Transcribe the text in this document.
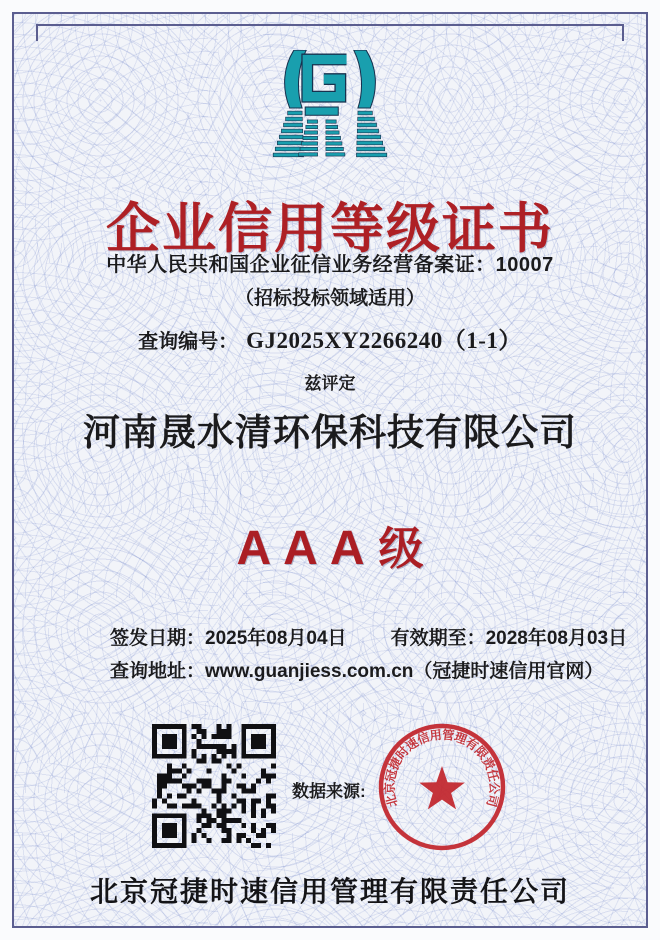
企业信用等级证书
中华人民共和国企业征信业务经营备案证：10007
（招标投标领域适用）
查询编号： GJ2025XY2266240（1-1）
兹评定
河南晟水清环保科技有限公司
AAA级
签发日期：2025年08月04日 有效期至：2028年08月03日
查询地址：www.guanjiess.com.cn（冠捷时速信用官网）
数据来源: 北京冠捷时速信用管理有限责任公司
北京冠捷时速信用管理有限责任公司
